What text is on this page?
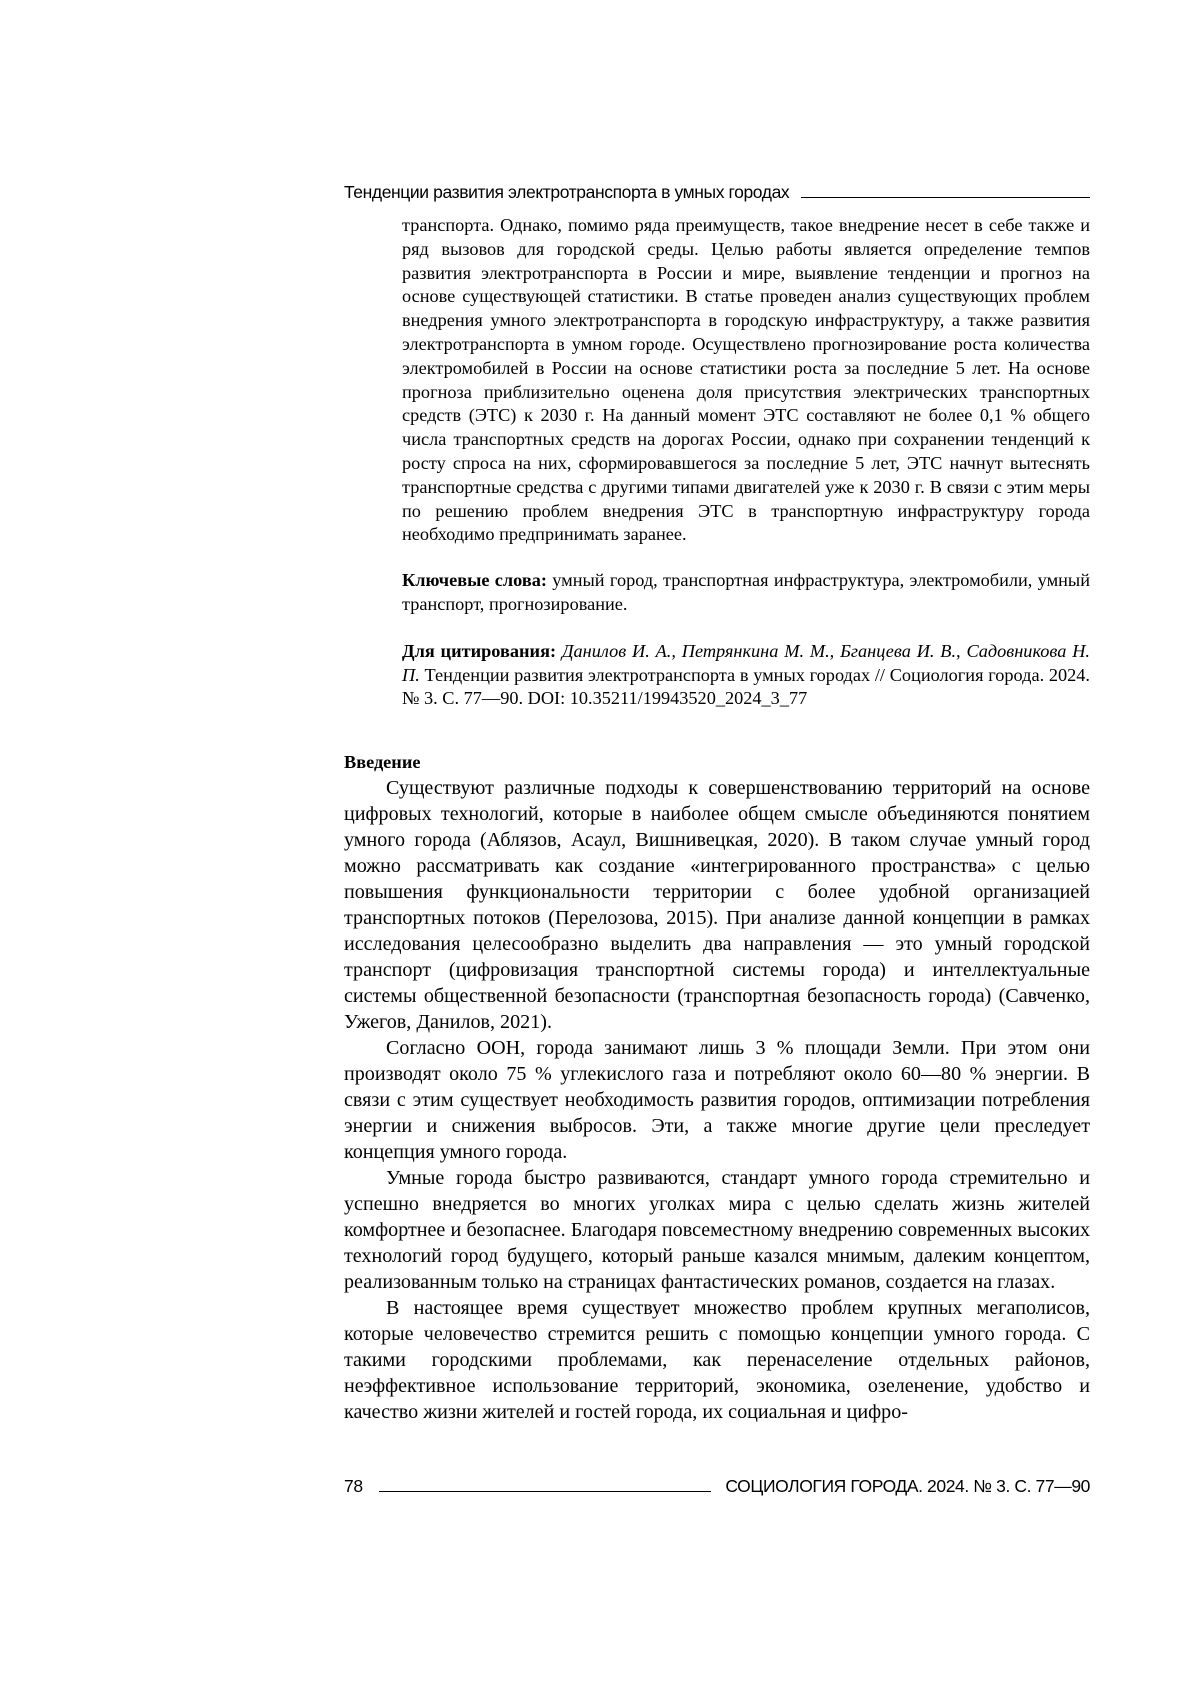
Тенденции развития электротранспорта в умных городах

транспорта. Однако, помимо ряда преимуществ, такое внедрение несет в себе также и ряд вызовов для городской среды. Целью работы является определение темпов развития электротранспорта в России и мире, выявление тенденции и прогноз на основе существующей статистики. В статье проведен анализ существующих проблем внедрения умного электротранспорта в городскую инфраструктуру, а также развития электротранспорта в умном городе. Осуществлено прогнозирование роста количества электромобилей в России на основе статистики роста за последние 5 лет. На основе прогноза приблизительно оценена доля присутствия электрических транспортных средств (ЭТС) к 2030 г. На данный момент ЭТС составляют не более 0,1 % общего числа транспортных средств на дорогах России, однако при сохранении тенденций к росту спроса на них, сформировавшегося за последние 5 лет, ЭТС начнут вытеснять транспортные средства с другими типами двигателей уже к 2030 г. В связи с этим меры по решению проблем внедрения ЭТС в транспортную инфраструктуру города необходимо предпринимать заранее.

Ключевые слова: умный город, транспортная инфраструктура, электромобили, умный транспорт, прогнозирование.

Для цитирования: Данилов И. А., Петрянкина М. М., Бганцева И. В., Садовникова Н. П. Тенденции развития электротранспорта в умных городах // Социология города. 2024. № 3. С. 77—90. DOI: 10.35211/19943520_2024_3_77

Введение

Существуют различные подходы к совершенствованию территорий на основе цифровых технологий, которые в наиболее общем смысле объединяются понятием умного города (Аблязов, Асаул, Вишнивецкая, 2020). В таком случае умный город можно рассматривать как создание «интегрированного пространства» с целью повышения функциональности территории с более удобной организацией транспортных потоков (Перелозова, 2015). При анализе данной концепции в рамках исследования целесообразно выделить два направления — это умный городской транспорт (цифровизация транспортной системы города) и интеллектуальные системы общественной безопасности (транспортная безопасность города) (Савченко, Ужегов, Данилов, 2021).

Согласно ООН, города занимают лишь 3 % площади Земли. При этом они производят около 75 % углекислого газа и потребляют около 60—80 % энергии. В связи с этим существует необходимость развития городов, оптимизации потребления энергии и снижения выбросов. Эти, а также многие другие цели преследует концепция умного города.

Умные города быстро развиваются, стандарт умного города стремительно и успешно внедряется во многих уголках мира с целью сделать жизнь жителей комфортнее и безопаснее. Благодаря повсеместному внедрению современных высоких технологий город будущего, который раньше казался мнимым, далеким концептом, реализованным только на страницах фантастических романов, создается на глазах.

В настоящее время существует множество проблем крупных мегаполисов, которые человечество стремится решить с помощью концепции умного города. С такими городскими проблемами, как перенаселение отдельных районов, неэффективное использование территорий, экономика, озеленение, удобство и качество жизни жителей и гостей города, их социальная и цифро-

78	СОЦИОЛОГИЯ ГОРОДА. 2024. № 3. С. 77—90
